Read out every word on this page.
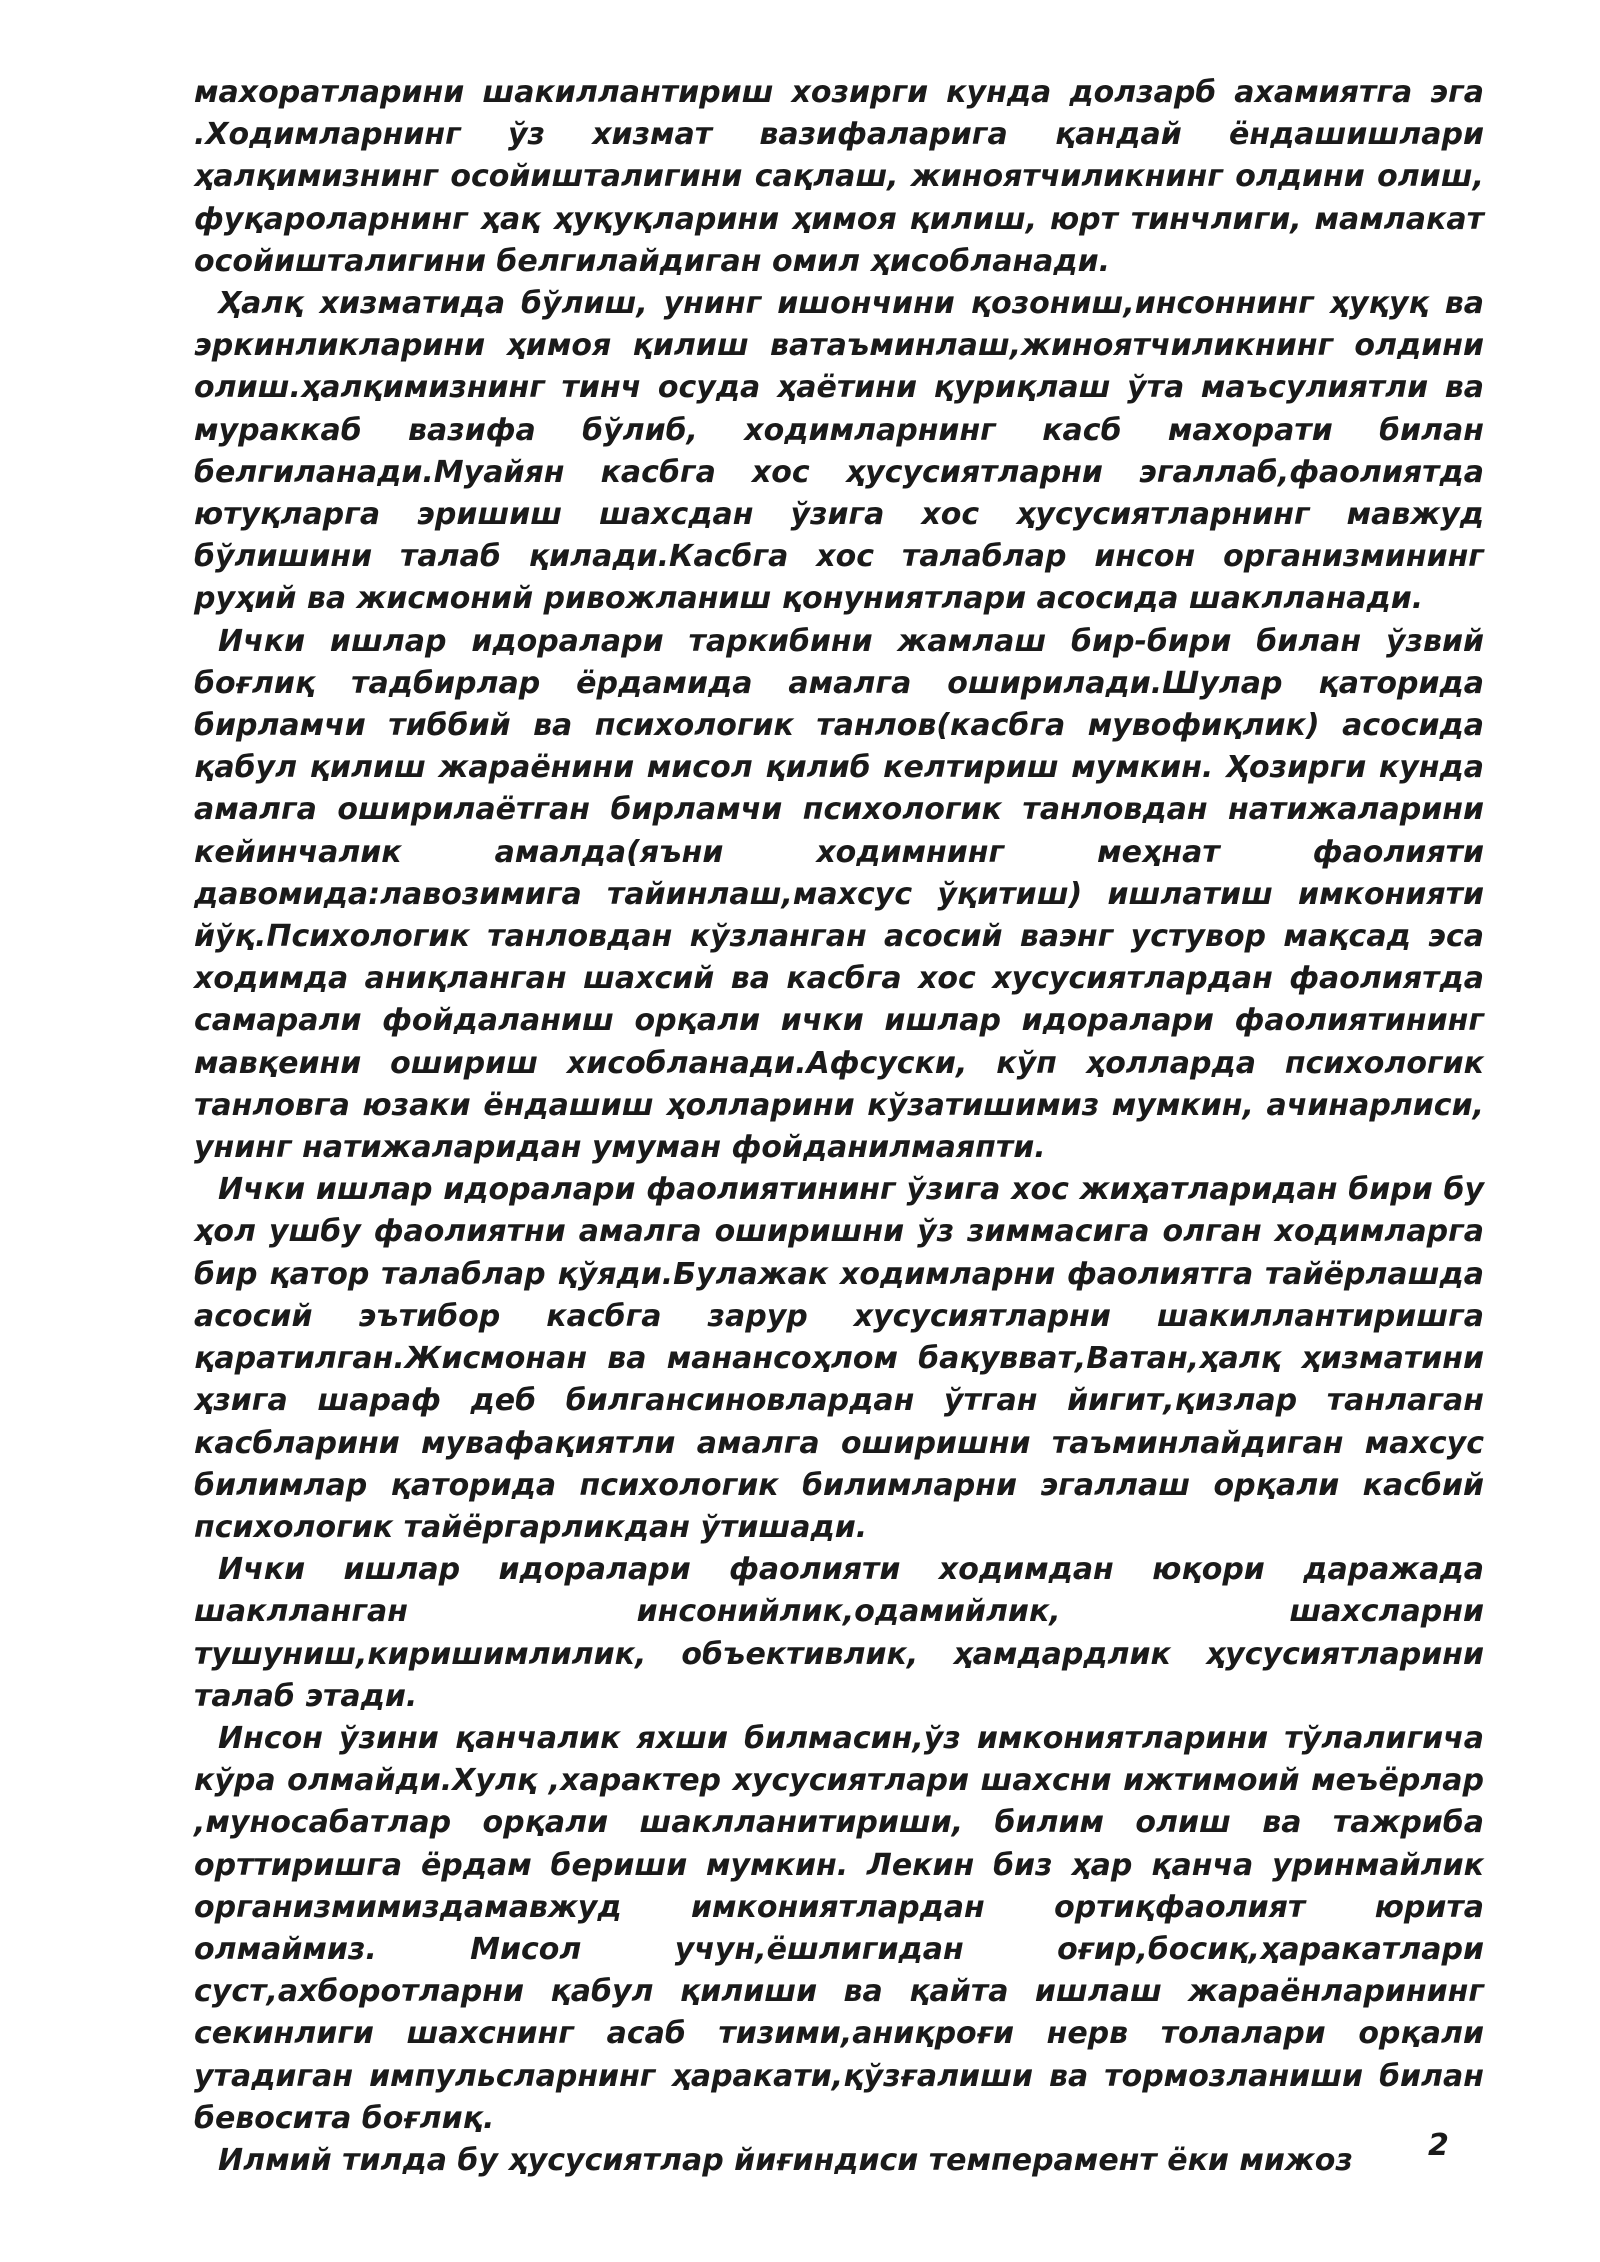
махоратларини шакиллантириш хозирги кунда долзарб ахамиятга эга .Ходимларнинг ўз хизмат вазифаларига қандай ёндашишлари ҳалқимизнинг осойишталигини сақлаш, жиноятчиликнинг олдини олиш, фуқароларнинг ҳақ ҳуқуқларини ҳимоя қилиш, юрт тинчлиги, мамлакат осойишталигини белгилайдиган омил ҳисобланади.

Ҳалқ хизматида бўлиш, унинг ишончини қозониш,инсоннинг ҳуқуқ ва эркинликларини ҳимоя қилиш ватаъминлаш,жиноятчиликнинг олдини олиш.ҳалқимизнинг тинч осуда ҳаётини қуриқлаш ўта маъсулиятли ва мураккаб вазифа бўлиб, ходимларнинг касб махорати билан белгиланади.Муайян касбга хос ҳусусиятларни эгаллаб,фаолиятда ютуқларга эришиш шахсдан ўзига хос ҳусусиятларнинг мавжуд бўлишини талаб қилади.Касбга хос талаблар инсон организмининг руҳий ва жисмоний ривожланиш қонуниятлари асосида шаклланади.

Ички ишлар идоралари таркибини жамлаш бир-бири билан ўзвий боғлиқ тадбирлар ёрдамида амалга оширилади.Шулар қаторида бирламчи тиббий ва психологик танлов(касбга мувофиқлик) асосида қабул қилиш жараёнини мисол қилиб келтириш мумкин. Ҳозирги кунда амалга оширилаётган бирламчи психологик танловдан натижаларини кейинчалик амалда(яъни ходимнинг меҳнат фаолияти давомида:лавозимига тайинлаш,махсус ўқитиш) ишлатиш имконияти йўқ.Психологик танловдан кўзланган асосий ваэнг устувор мақсад эса ходимда аниқланган шахсий ва касбга хос хусусиятлардан фаолиятда самарали фойдаланиш орқали ички ишлар идоралари фаолиятининг мавқеини ошириш хисобланади.Афсуски, кўп ҳолларда психологик танловга юзаки ёндашиш ҳолларини кўзатишимиз мумкин, ачинарлиси, унинг натижаларидан умуман фойданилмаяпти.

Ички ишлар идоралари фаолиятининг ўзига хос жиҳатларидан бири бу ҳол ушбу фаолиятни амалга оширишни ўз зиммасига олган ходимларга бир қатор талаблар қўяди.Булажак ходимларни фаолиятга тайёрлашда асосий эътибор касбга зарур хусусиятларни шакиллантиришга қаратилган.Жисмонан ва манансоҳлом бақувват,Ватан,ҳалқ ҳизматини ҳзига шараф деб билгансиновлардан ўтган йигит,қизлар танлаган касбларини мувафақиятли амалга оширишни таъминлайдиган махсус билимлар қаторида психологик билимларни эгаллаш орқали касбий психологик тайёргарликдан ўтишади.

Ички ишлар идоралари фаолияти ходимдан юқори даражада шаклланган инсонийлик,одамийлик, шахсларни тушуниш,киришимлилик, объективлик, ҳамдардлик ҳусусиятларини талаб этади.

Инсон ўзини қанчалик яхши билмасин,ўз имкониятларини тўлалигича кўра олмайди.Хулқ ,характер хусусиятлари шахсни ижтимоий меъёрлар ,муносабатлар орқали шаклланитириши, билим олиш ва тажриба орттиришга ёрдам бериши мумкин. Лекин биз ҳар қанча уринмайлик организмимиздамавжуд имкониятлардан ортиқфаолият юрита олмаймиз. Мисол учун,ёшлигидан оғир,босиқ,ҳаракатлари суст,ахборотларни қабул қилиши ва қайта ишлаш жараёнларининг секинлиги шахснинг асаб тизими,аниқроғи нерв толалари орқали утадиган импульсларнинг ҳаракати,қўзғалиши ва тормозланиши билан бевосита боғлиқ.

Илмий тилда бу ҳусусиятлар йиғиндиси темперамент ёки мижоз	2
